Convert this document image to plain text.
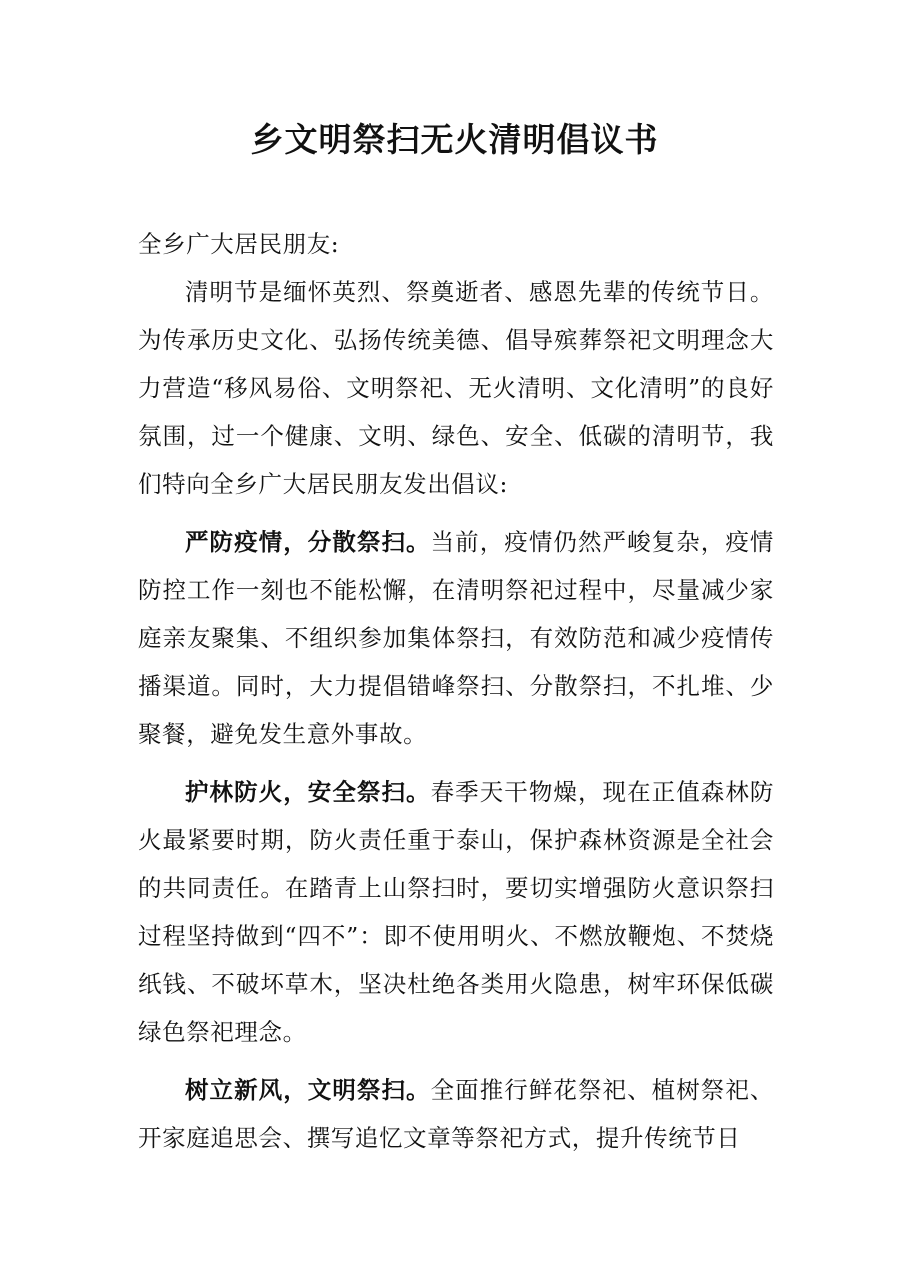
乡文明祭扫无火清明倡议书

全乡广大居民朋友:

清明节是缅怀英烈、祭奠逝者、感恩先辈的传统节日。为传承历史文化、弘扬传统美德、倡导殡葬祭祀文明理念大力营造“移风易俗、文明祭祀、无火清明、文化清明”的良好氛围，过一个健康、文明、绿色、安全、低碳的清明节，我们特向全乡广大居民朋友发出倡议:

严防疫情，分散祭扫。当前，疫情仍然严峻复杂，疫情防控工作一刻也不能松懈，在清明祭祀过程中，尽量减少家庭亲友聚集、不组织参加集体祭扫，有效防范和减少疫情传播渠道。同时，大力提倡错峰祭扫、分散祭扫，不扎堆、少聚餐，避免发生意外事故。

护林防火，安全祭扫。春季天干物燥，现在正值森林防火最紧要时期，防火责任重于泰山，保护森林资源是全社会的共同责任。在踏青上山祭扫时，要切实增强防火意识祭扫过程坚持做到“四不”：即不使用明火、不燃放鞭炮、不焚烧纸钱、不破坏草木，坚决杜绝各类用火隐患，树牢环保低碳绿色祭祀理念。

树立新风，文明祭扫。全面推行鲜花祭祀、植树祭祀、开家庭追思会、撰写追忆文章等祭祀方式，提升传统节日
